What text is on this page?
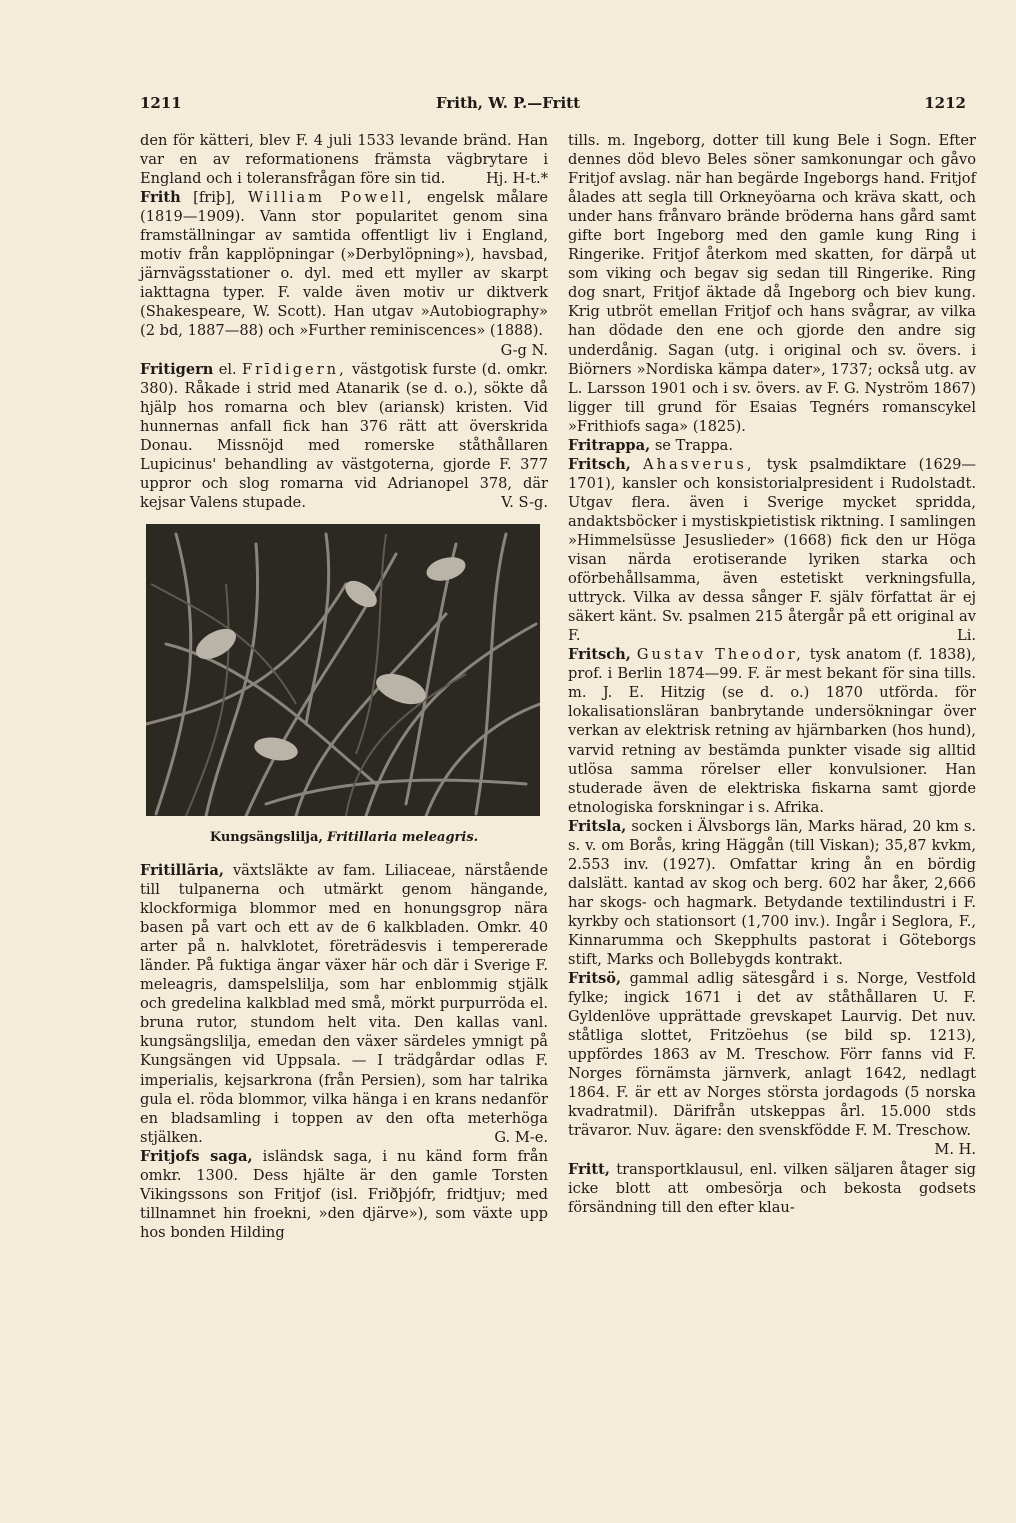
1211	Frith, W. P.—Fritt	1212

den för kätteri, blev F. 4 juli 1533 levande bränd. Han var en av reformationens främsta vägbrytare i England och i toleransfrågan före sin tid.	Hj. H-t.*

Frith [friþ], William Powell, engelsk målare (1819—1909). Vann stor popularitet genom sina framställningar av samtida offentligt liv i England, motiv från kapplöpningar (»Derbylöpning»), havsbad, järnvägsstationer o. dyl. med ett myller av skarpt iakttagna typer. F. valde även motiv ur diktverk (Shakespeare, W. Scott). Han utgav »Autobiography» (2 bd, 1887—88) och »Further reminiscences» (1888).
G-g N.

Fritigern el. Frīdigern, västgotisk furste (d. omkr. 380). Råkade i strid med Atanarik (se d. o.), sökte då hjälp hos romarna och blev (ariansk) kristen. Vid hunnernas anfall fick han 376 rätt att överskrida Donau. Missnöjd med romerske ståthållaren Lupicinus' behandling av västgoterna, gjorde F. 377 uppror och slog romarna vid Adrianopel 378, där kejsar Valens stupade.	V. S-g.

Kungsängslilja, Fritillaria meleagris.

Fritillāria, växtsläkte av fam. Liliaceae, närstående till tulpanerna och utmärkt genom hängande, klockformiga blommor med en honungsgrop nära basen på vart och ett av de 6 kalkbladen. Omkr. 40 arter på n. halvklotet, företrädesvis i tempererade länder. På fuktiga ängar växer här och där i Sverige F. meleagris, damspelslilja, som har enblommig stjälk och gredelina kalkblad med små, mörkt purpurröda el. bruna rutor, stundom helt vita. Den kallas vanl. kungsängslilja, emedan den växer särdeles ymnigt på Kungsängen vid Uppsala. — I trädgårdar odlas F. imperialis, kejsarkrona (från Persien), som har talrika gula el. röda blommor, vilka hänga i en krans nedanför en bladsamling i toppen av den ofta meterhöga stjälken.	G. M-e.

Fritjofs saga, isländsk saga, i nu känd form från omkr. 1300. Dess hjälte är den gamle Torsten Vikingssons son Fritjof (isl. Friðþjófr, fridtjuv; med tillnamnet hin froekni, »den djärve»), som växte upp hos bonden Hilding

tills. m. Ingeborg, dotter till kung Bele i Sogn. Efter dennes död blevo Beles söner samkonungar och gåvo Fritjof avslag. när han begärde Ingeborgs hand. Fritjof ålades att segla till Orkneyöarna och kräva skatt, och under hans frånvaro brände bröderna hans gård samt gifte bort Ingeborg med den gamle kung Ring i Ringerike. Fritjof återkom med skatten, for därpå ut som viking och begav sig sedan till Ringerike. Ring dog snart, Fritjof äktade då Ingeborg och biev kung. Krig utbröt emellan Fritjof och hans svågrar, av vilka han dödade den ene och gjorde den andre sig underdånig. Sagan (utg. i original och sv. övers. i Biörners »Nordiska kämpa dater», 1737; också utg. av L. Larsson 1901 och i sv. övers. av F. G. Nyström 1867) ligger till grund för Esaias Tegnérs romanscykel »Frithiofs saga» (1825).

Fritrappa, se Trappa.

Fritsch, Ahasverus, tysk psalmdiktare (1629—1701), kansler och konsistorialpresident i Rudolstadt. Utgav flera. även i Sverige mycket spridda, andaktsböcker i mystiskpietistisk riktning. I samlingen »Himmelsüsse Jesuslieder» (1668) fick den ur Höga visan närda erotiserande lyriken starka och oförbehållsamma, även estetiskt verkningsfulla, uttryck. Vilka av dessa sånger F. själv författat är ej säkert känt. Sv. psalmen 215 återgår på ett original av F.	Li.

Fritsch, Gustav Theodor, tysk anatom (f. 1838), prof. i Berlin 1874—99. F. är mest bekant för sina tills. m. J. E. Hitzig (se d. o.) 1870 utförda. för lokalisationsläran banbrytande undersökningar över verkan av elektrisk retning av hjärnbarken (hos hund), varvid retning av bestämda punkter visade sig alltid utlösa samma rörelser eller konvulsioner. Han studerade även de elektriska fiskarna samt gjorde etnologiska forskningar i s. Afrika.

Fritsla, socken i Älvsborgs län, Marks härad, 20 km s. s. v. om Borås, kring Häggån (till Viskan); 35,87 kvkm, 2.553 inv. (1927). Omfattar kring ån en bördig dalslätt. kantad av skog och berg. 602 har åker, 2,666 har skogs- och hagmark. Betydande textilindustri i F. kyrkby och stationsort (1,700 inv.). Ingår i Seglora, F., Kinnarumma och Skepphults pastorat i Göteborgs stift, Marks och Bollebygds kontrakt.

Fritsö, gammal adlig sätesgård i s. Norge, Vestfold fylke; ingick 1671 i det av ståthållaren U. F. Gyldenlöve upprättade grevskapet Laurvig. Det nuv. ståtliga slottet, Fritzöehus (se bild sp. 1213), uppfördes 1863 av M. Treschow. Förr fanns vid F. Norges förnämsta järnverk, anlagt 1642, nedlagt 1864. F. är ett av Norges största jordagods (5 norska kvadratmil). Därifrån utskeppas årl. 15.000 stds trävaror. Nuv. ägare: den svenskfödde F. M. Treschow.
M. H.

Fritt, transportklausul, enl. vilken säljaren åtager sig icke blott att ombesörja och bekosta godsets försändning till den efter klau-
